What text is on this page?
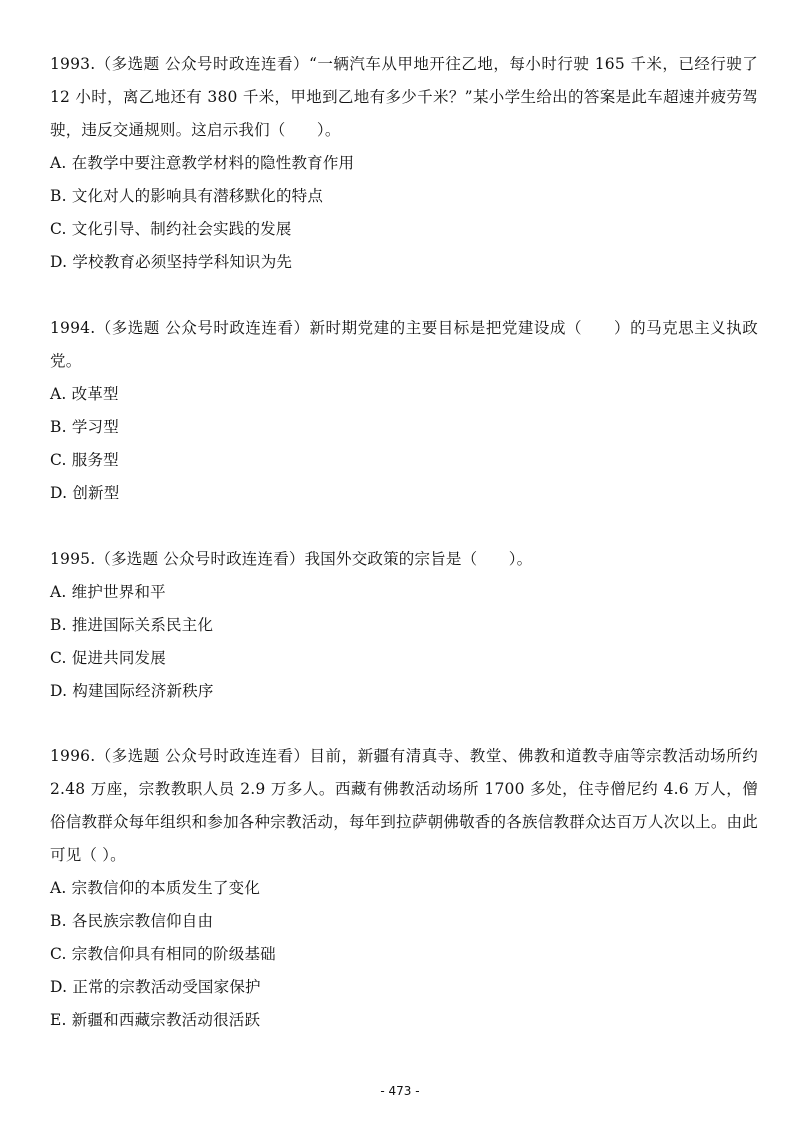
1993.（多选题 公众号时政连连看）“一辆汽车从甲地开往乙地，每小时行驶 165 千米，已经行驶了 12 小时，离乙地还有 380 千米，甲地到乙地有多少千米？”某小学生给出的答案是此车超速并疲劳驾驶，违反交通规则。这启示我们（　　）。

A. 在教学中要注意教学材料的隐性教育作用
B. 文化对人的影响具有潜移默化的特点
C. 文化引导、制约社会实践的发展
D. 学校教育必须坚持学科知识为先

1994.（多选题 公众号时政连连看）新时期党建的主要目标是把党建设成（　　）的马克思主义执政党。

A. 改革型
B. 学习型
C. 服务型
D. 创新型

1995.（多选题 公众号时政连连看）我国外交政策的宗旨是（　　）。

A. 维护世界和平
B. 推进国际关系民主化
C. 促进共同发展
D. 构建国际经济新秩序

1996.（多选题 公众号时政连连看）目前，新疆有清真寺、教堂、佛教和道教寺庙等宗教活动场所约 2.48 万座，宗教教职人员 2.9 万多人。西藏有佛教活动场所 1700 多处，住寺僧尼约 4.6 万人，僧俗信教群众每年组织和参加各种宗教活动，每年到拉萨朝佛敬香的各族信教群众达百万人次以上。由此可见（ ）。

A. 宗教信仰的本质发生了变化
B. 各民族宗教信仰自由
C. 宗教信仰具有相同的阶级基础
D. 正常的宗教活动受国家保护
E. 新疆和西藏宗教活动很活跃
- 473 -
